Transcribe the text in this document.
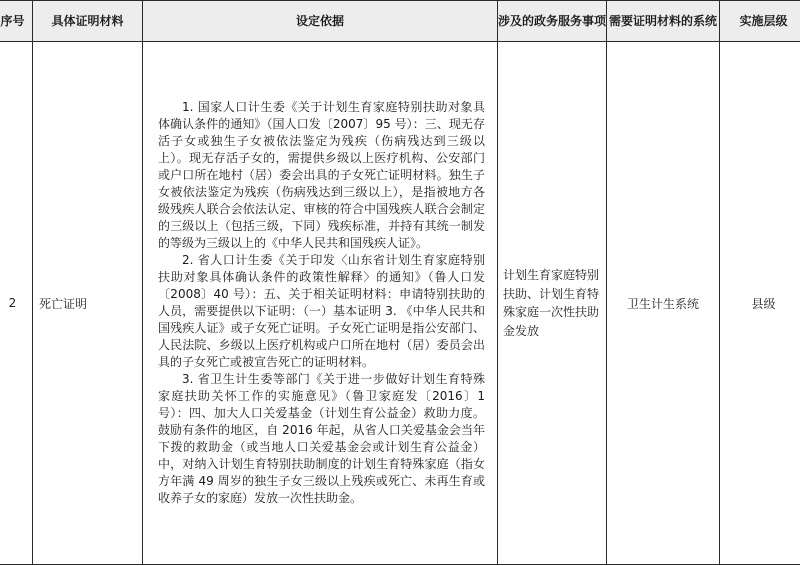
序号	具体证明材料	设定依据	涉及的政务服务事项	需要证明材料的系统	实施层级
2	死亡证明	1. 国家人口计生委《关于计划生育家庭特别扶助对象具体确认条件的通知》（国人口发〔2007〕95 号）：三、现无存活子女或独生子女被依法鉴定为残疾（伤病残达到三级以上）。现无存活子女的，需提供乡级以上医疗机构、公安部门或户口所在地村（居）委会出具的子女死亡证明材料。独生子女被依法鉴定为残疾（伤病残达到三级以上），是指被地方各级残疾人联合会依法认定、审核的符合中国残疾人联合会制定的三级以上（包括三级，下同）残疾标准，并持有其统一制发的等级为三级以上的《中华人民共和国残疾人证》。

2. 省人口计生委《关于印发〈山东省计划生育家庭特别扶助对象具体确认条件的政策性解释〉的通知》（鲁人口发〔2008〕40 号）：五、关于相关证明材料：申请特别扶助的人员，需要提供以下证明：（一）基本证明 3. 《中华人民共和国残疾人证》或子女死亡证明。子女死亡证明是指公安部门、人民法院、乡级以上医疗机构或户口所在地村（居）委员会出具的子女死亡或被宣告死亡的证明材料。

3. 省卫生计生委等部门《关于进一步做好计划生育特殊家庭扶助关怀工作的实施意见》（鲁卫家庭发〔2016〕1 号）：四、加大人口关爱基金（计划生育公益金）救助力度。鼓励有条件的地区，自 2016 年起，从省人口关爱基金会当年下拨的救助金（或当地人口关爱基金会或计划生育公益金）中，对纳入计划生育特别扶助制度的计划生育特殊家庭（指女方年满 49 周岁的独生子女三级以上残疾或死亡、未再生育或收养子女的家庭）发放一次性扶助金。	计划生育家庭特别扶助、计划生育特殊家庭一次性扶助金发放	卫生计生系统	县级
